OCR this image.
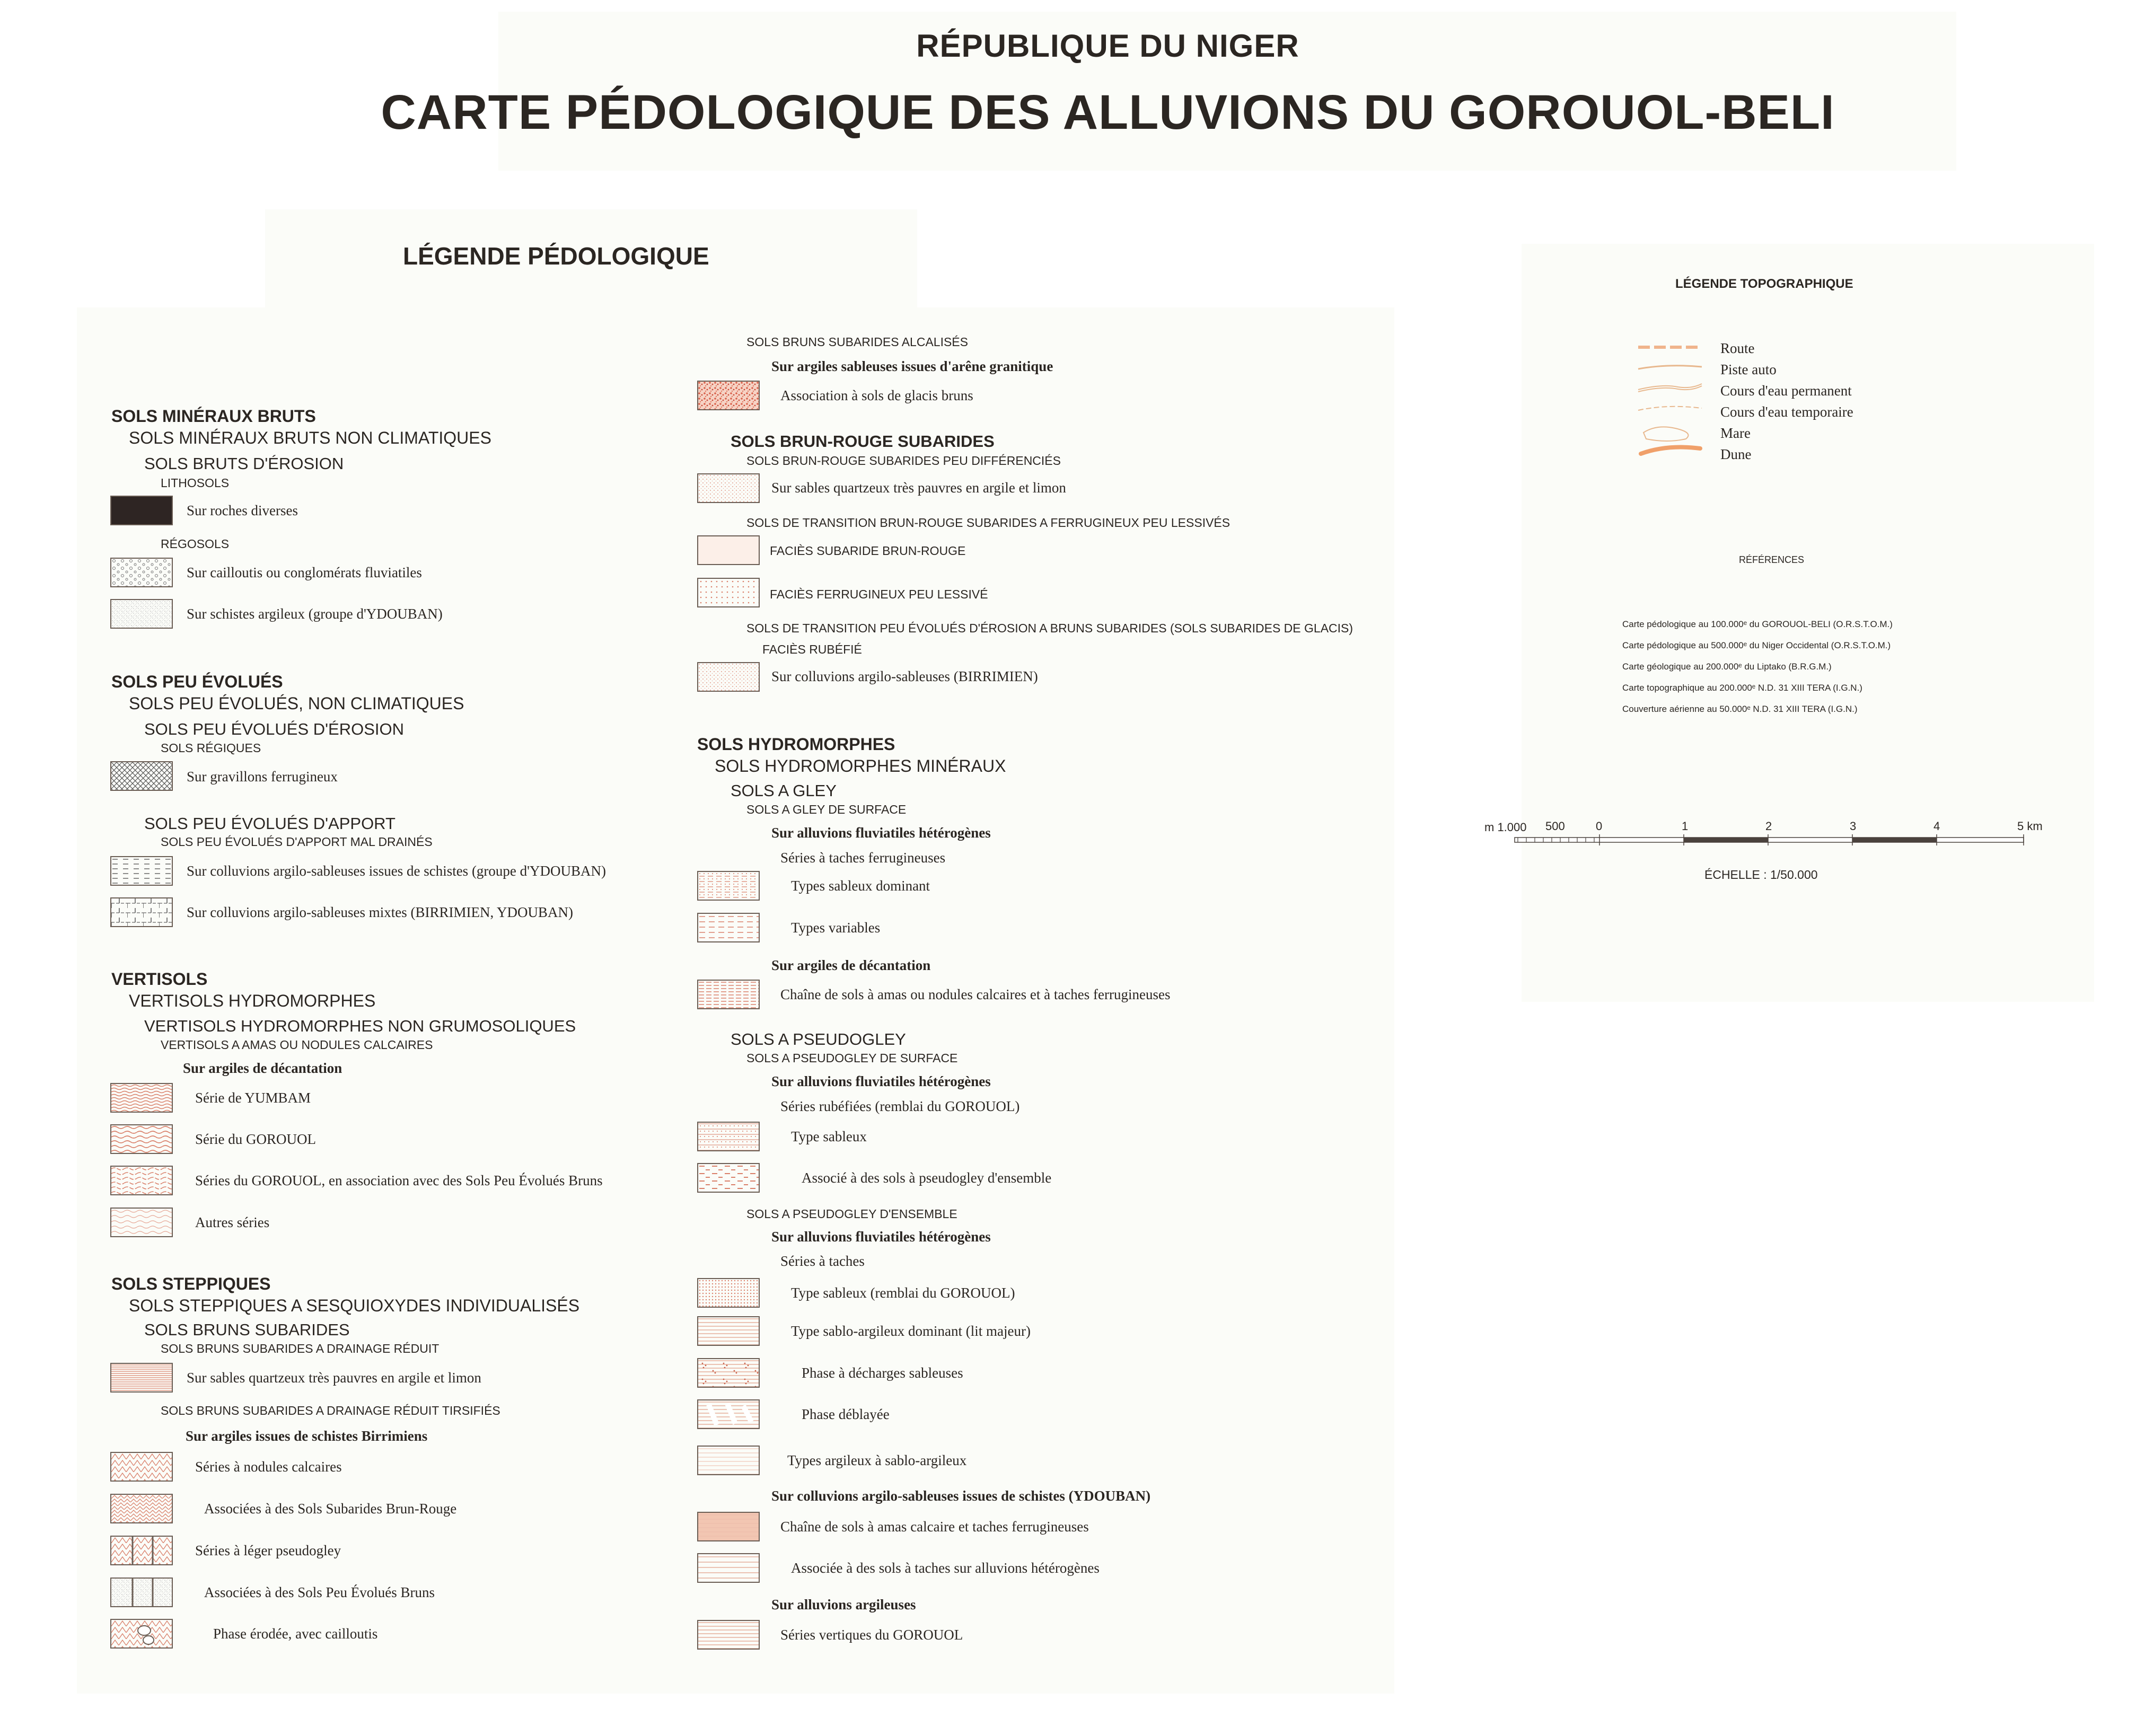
RÉPUBLIQUE DU NIGER
CARTE PÉDOLOGIQUE DES ALLUVIONS DU GOROUOL-BELI
LÉGENDE PÉDOLOGIQUE
SOLS MINÉRAUX BRUTS
SOLS MINÉRAUX BRUTS NON CLIMATIQUES
SOLS BRUTS D'ÉROSION
LITHOSOLS
Sur roches diverses
RÉGOSOLS
Sur cailloutis ou conglomérats fluviatiles
Sur schistes argileux (groupe d'YDOUBAN)
SOLS PEU ÉVOLUÉS
SOLS PEU ÉVOLUÉS, NON CLIMATIQUES
SOLS PEU ÉVOLUÉS D'ÉROSION
SOLS RÉGIQUES
Sur gravillons ferrugineux
SOLS PEU ÉVOLUÉS D'APPORT
SOLS PEU ÉVOLUÉS D'APPORT MAL DRAINÉS
Sur colluvions argilo-sableuses issues de schistes (groupe d'YDOUBAN)
Sur colluvions argilo-sableuses mixtes (BIRRIMIEN, YDOUBAN)
VERTISOLS
VERTISOLS HYDROMORPHES
VERTISOLS HYDROMORPHES NON GRUMOSOLIQUES
VERTISOLS A AMAS OU NODULES CALCAIRES
Sur argiles de décantation
Série de YUMBAM
Série du GOROUOL
Séries du GOROUOL, en association avec des Sols Peu Évolués Bruns
Autres séries
SOLS STEPPIQUES
SOLS STEPPIQUES A SESQUIOXYDES INDIVIDUALISÉS
SOLS BRUNS SUBARIDES
SOLS BRUNS SUBARIDES A DRAINAGE RÉDUIT
Sur sables quartzeux très pauvres en argile et limon
SOLS BRUNS SUBARIDES A DRAINAGE RÉDUIT TIRSIFIÉS
Sur argiles issues de schistes Birrimiens
Séries à nodules calcaires
Associées à des Sols Subarides Brun-Rouge
Séries à léger pseudogley
Associées à des Sols Peu Évolués Bruns
Phase érodée, avec cailloutis
SOLS BRUNS SUBARIDES ALCALISÉS
Sur argiles sableuses issues d'arêne granitique
Association à sols de glacis bruns
SOLS BRUN-ROUGE SUBARIDES
SOLS BRUN-ROUGE SUBARIDES PEU DIFFÉRENCIÉS
Sur sables quartzeux très pauvres en argile et limon
SOLS DE TRANSITION BRUN-ROUGE SUBARIDES A FERRUGINEUX PEU LESSIVÉS
FACIÈS SUBARIDE BRUN-ROUGE
FACIÈS FERRUGINEUX PEU LESSIVÉ
SOLS DE TRANSITION PEU ÉVOLUÉS D'ÉROSION A BRUNS SUBARIDES (SOLS SUBARIDES DE GLACIS)
FACIÈS RUBÉFIÉ
Sur colluvions argilo-sableuses (BIRRIMIEN)
SOLS HYDROMORPHES
SOLS HYDROMORPHES MINÉRAUX
SOLS A GLEY
SOLS A GLEY DE SURFACE
Sur alluvions fluviatiles hétérogènes
Séries à taches ferrugineuses
Types sableux dominant
Types variables
Sur argiles de décantation
Chaîne de sols à amas ou nodules calcaires et à taches ferrugineuses
SOLS A PSEUDOGLEY
SOLS A PSEUDOGLEY DE SURFACE
Sur alluvions fluviatiles hétérogènes
Séries rubéfiées (remblai du GOROUOL)
Type sableux
Associé à des sols à pseudogley d'ensemble
SOLS A PSEUDOGLEY D'ENSEMBLE
Sur alluvions fluviatiles hétérogènes
Séries à taches
Type sableux (remblai du GOROUOL)
Type sablo-argileux dominant (lit majeur)
Phase à décharges sableuses
Phase déblayée
Types argileux à sablo-argileux
Sur colluvions argilo-sableuses issues de schistes (YDOUBAN)
Chaîne de sols à amas calcaire et taches ferrugineuses
Associée à des sols à taches sur alluvions hétérogènes
Sur alluvions argileuses
Séries vertiques du GOROUOL
LÉGENDE TOPOGRAPHIQUE
Route
Piste auto
Cours d'eau permanent
Cours d'eau temporaire
Mare
Dune
RÉFÉRENCES
Carte pédologique au 100.000ᵉ du GOROUOL-BELI (O.R.S.T.O.M.)
Carte pédologique au 500.000ᵉ du Niger Occidental (O.R.S.T.O.M.)
Carte géologique au 200.000ᵉ du Liptako (B.R.G.M.)
Carte topographique au 200.000ᵉ N.D. 31 XIII TERA (I.G.N.)
Couverture aérienne au 50.000ᵉ N.D. 31 XIII TERA (I.G.N.)
m 1.000 500	0	1	2	3	4	5 km
ÉCHELLE : 1/50.000
